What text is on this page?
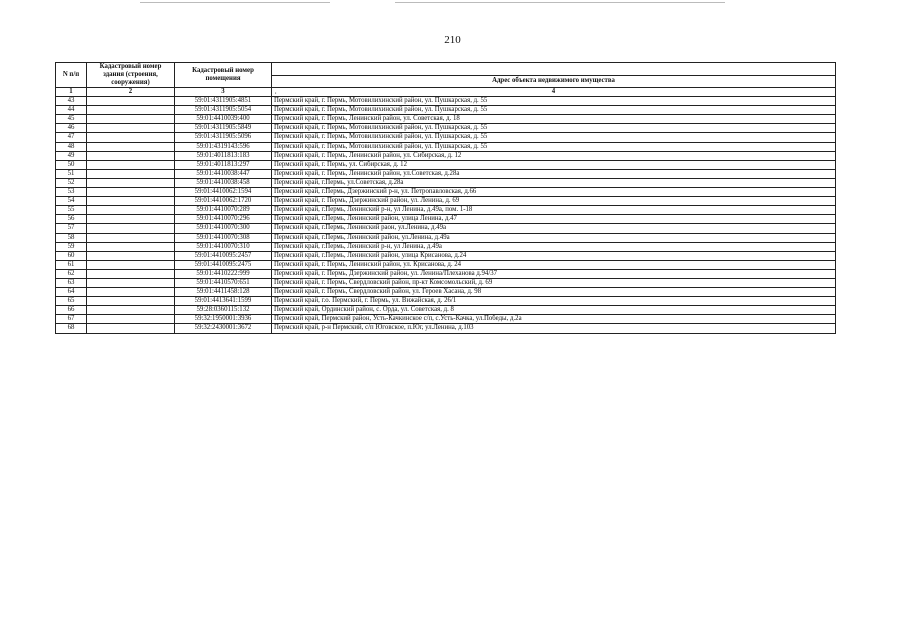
210
N п/п	Кадастровый номер здания (строения, сооружения)	Кадастровый номер помещения	
			Адрес объекта недвижимого имущества
1	2	3	4
43		59:01:4311905:4851	Пермский край, г. Пермь, Мотовилихинский район, ул. Пушкарская, д. 55
44		59:01:4311905:5054	Пермский край, г. Пермь, Мотовилихинский район, ул. Пушкарская, д. 55
45		59:01:4410039:400	Пермский край, г. Пермь, Ленинский район, ул. Советская, д. 18
46		59:01:4311905:5849	Пермский край, г. Пермь, Мотовилихинский район, ул. Пушкарская, д. 55
47		59:01:4311905:5096	Пермский край, г. Пермь, Мотовилихинский район, ул. Пушкарская, д. 55
48		59:01:4319143:596	Пермский край, г. Пермь, Мотовилихинский район, ул. Пушкарская, д. 55
49		59:01:4011813:183	Пермский край, г. Пермь, Ленинский район, ул. Сибирская, д. 12
50		59:01:4011813:297	Пермский край, г. Пермь, ул. Сибирская, д. 12
51		59:01:4410038:447	Пермский край, г. Пермь, Ленинский район, ул.Советская, д.28а
52		59:01:4410038:458	Пермский край, г.Пермь, ул.Советская, д.28а
53		59:01:4410062:1594	Пермский край, г.Пермь, Дзержинский р-н, ул. Петропавловская, д.66
54		59:01:4410062:1720	Пермский край, г. Пермь, Дзержинский район, ул. Ленина, д. 69
55		59:01:4410070:289	Пермский край, г.Пермь, Ленинский р-н, ул Ленина, д.49а, пом. 1-18
56		59:01:4410070:296	Пермский край, г.Пермь, Ленинский район, улица Ленина, д.47
57		59:01:4410070:300	Пермский край, г.Пермь, Ленинский раон, ул.Ленина, д.49а
58		59:01:4410070:308	Пермский край, г.Пермь, Ленинский район, ул.Ленина, д.49а
59		59:01:4410070:310	Пермский край, г.Пермь, Ленинский р-н, ул Ленина, д.49а
60		59:01:4410095:2457	Пермский край, г.Пермь, Ленинский район, улица Крисанова, д.24
61		59:01:4410095:2475	Пермский край, г. Пермь, Ленинский район, ул. Крисанова, д. 24
62		59:01:4410222:999	Пермский край, г. Пермь, Дзержинский район, ул. Ленина/Плеханова д.94/37
63		59:01:4410570:651	Пермский край, г. Пермь, Свердловский район, пр-кт Комсомольский, д. 69
64		59:01:4411458:128	Пермский край, г. Пермь, Свердловский район, ул. Героев Хасана, д. 98
65		59:01:4413641:1599	Пермский край, г.о. Пермский, г. Пермь, ул. Вижайская, д. 26/1
66		59:28:0360115:132	Пермский край, Ординский район, с. Орда, ул. Советская, д. 8
67		59:32:1950001:3936	Пермский край, Пермский район, Усть-Качкинское с/п, с.Усть-Качка, ул.Победы, д.2а
68		59:32:2430001:3672	Пермский край, р-н Пермский, с/п Юговское, п.Юг, ул.Ленина, д.103
,
